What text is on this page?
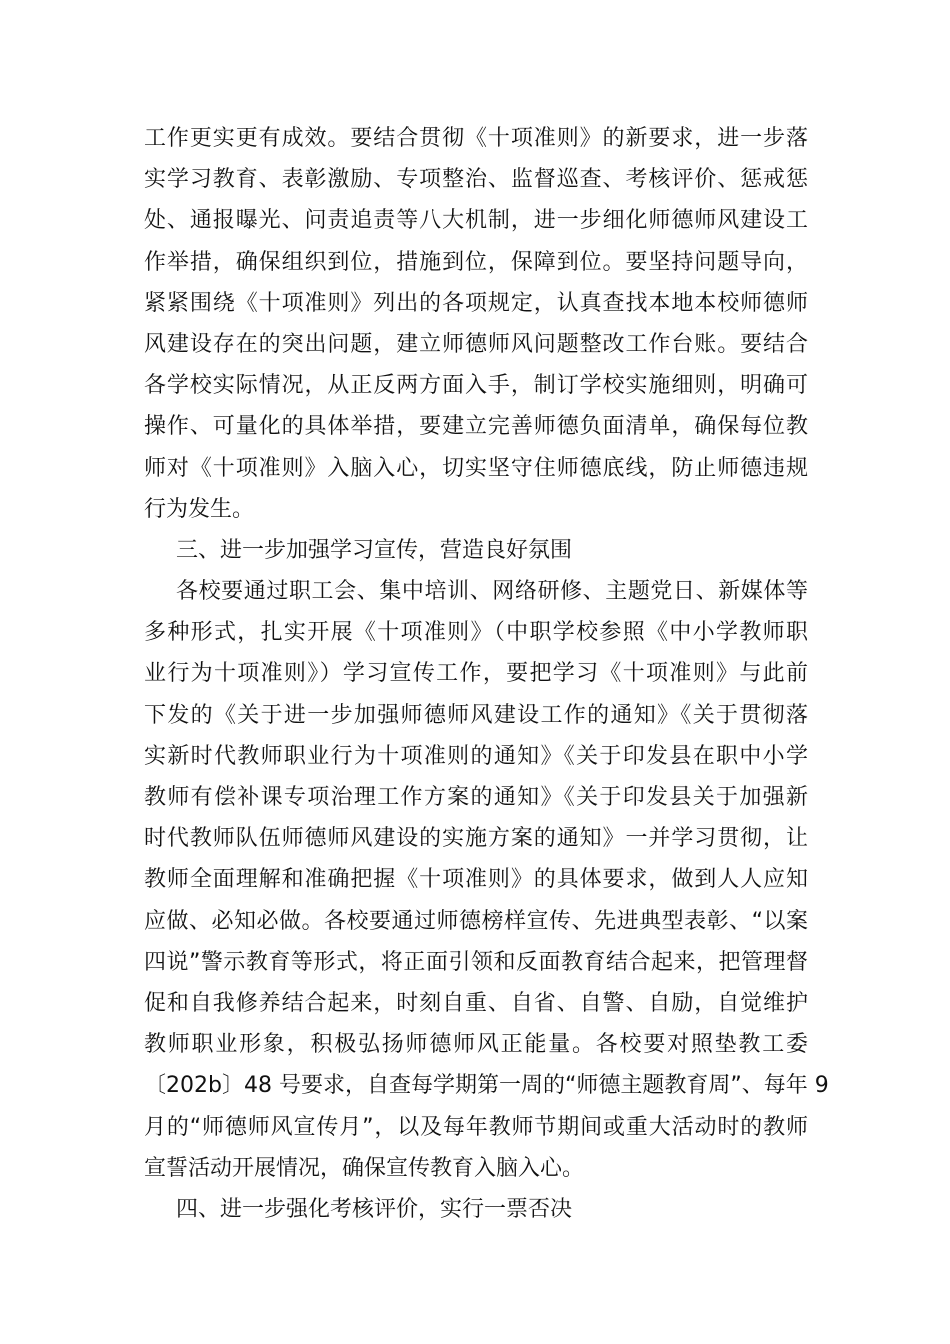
工作更实更有成效。要结合贯彻《十项准则》的新要求，进一步落
实学习教育、表彰激励、专项整治、监督巡查、考核评价、惩戒惩
处、通报曝光、问责追责等八大机制，进一步细化师德师风建设工
作举措，确保组织到位，措施到位，保障到位。要坚持问题导向，
紧紧围绕《十项准则》列出的各项规定，认真查找本地本校师德师
风建设存在的突出问题，建立师德师风问题整改工作台账。要结合
各学校实际情况，从正反两方面入手，制订学校实施细则，明确可
操作、可量化的具体举措，要建立完善师德负面清单，确保每位教
师对《十项准则》入脑入心，切实坚守住师德底线，防止师德违规
行为发生。
三、进一步加强学习宣传，营造良好氛围
各校要通过职工会、集中培训、网络研修、主题党日、新媒体等
多种形式，扎实开展《十项准则》（中职学校参照《中小学教师职
业行为十项准则》）学习宣传工作，要把学习《十项准则》与此前
下发的《关于进一步加强师德师风建设工作的通知》《关于贯彻落
实新时代教师职业行为十项准则的通知》《关于印发县在职中小学
教师有偿补课专项治理工作方案的通知》《关于印发县关于加强新
时代教师队伍师德师风建设的实施方案的通知》一并学习贯彻，让
教师全面理解和准确把握《十项准则》的具体要求，做到人人应知
应做、必知必做。各校要通过师德榜样宣传、先进典型表彰、“以案
四说”警示教育等形式，将正面引领和反面教育结合起来，把管理督
促和自我修养结合起来，时刻自重、自省、自警、自励，自觉维护
教师职业形象，积极弘扬师德师风正能量。各校要对照垫教工委
〔202b〕48 号要求，自查每学期第一周的“师德主题教育周”、每年 9
月的“师德师风宣传月”，以及每年教师节期间或重大活动时的教师
宣誓活动开展情况，确保宣传教育入脑入心。
四、进一步强化考核评价，实行一票否决
